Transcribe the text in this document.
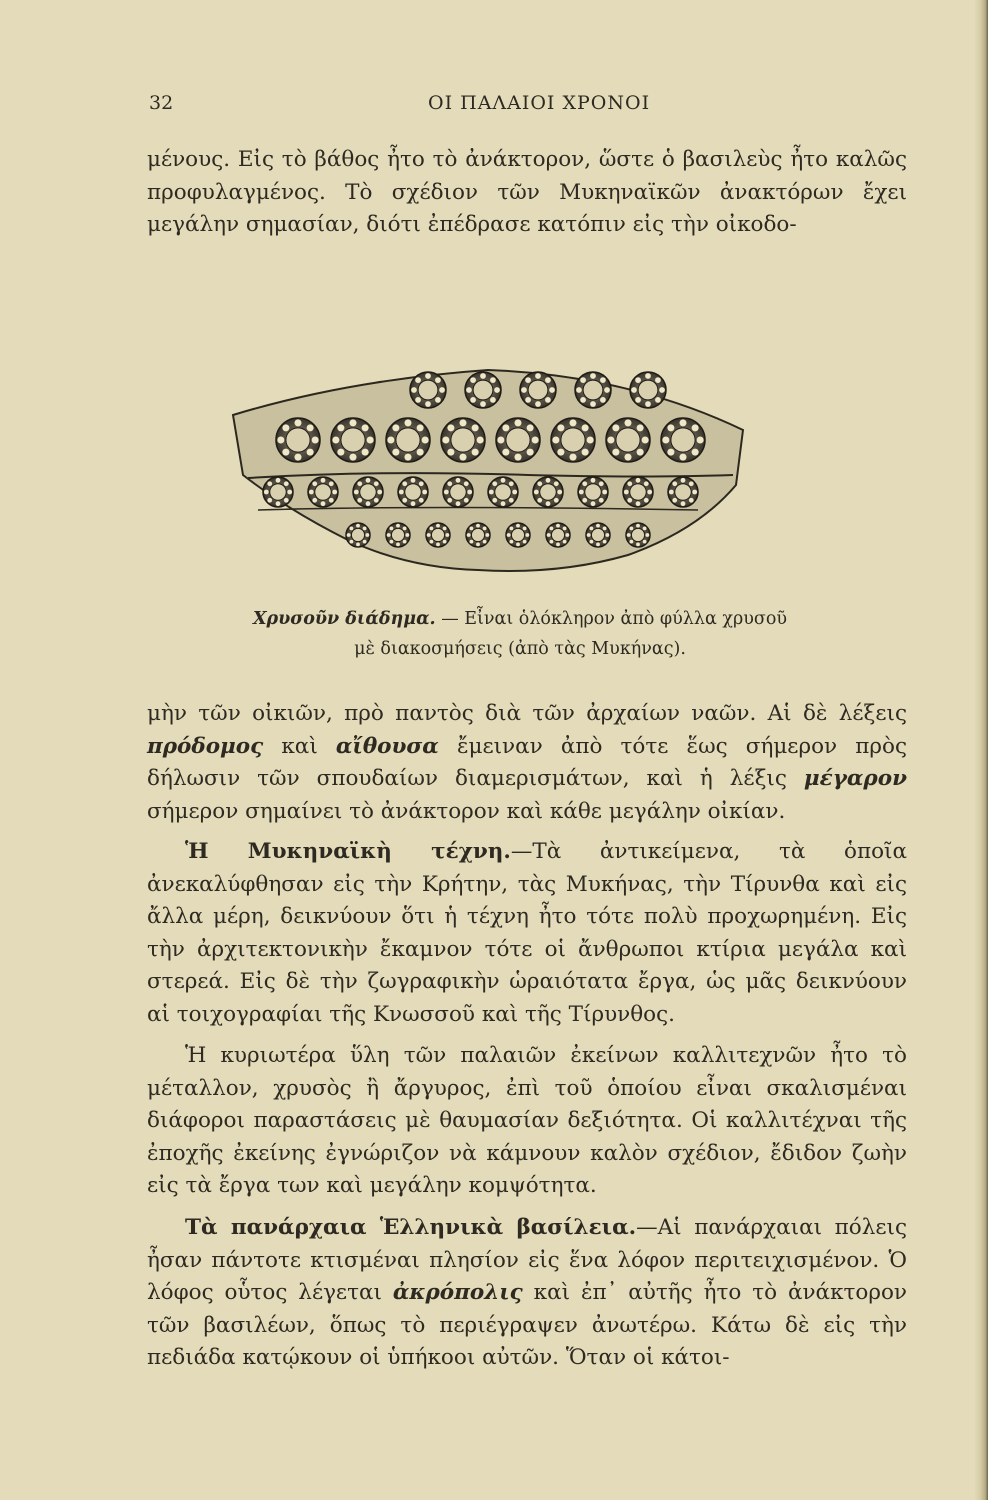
32	ΟΙ ΠΑΛΑΙΟΙ ΧΡΟΝΟΙ

μένους. Εἰς τὸ βάθος ἦτο τὸ ἀνάκτορον, ὥστε ὁ βασιλεὺς ἦτο καλῶς προφυλαγμένος. Τὸ σχέδιον τῶν Μυκηναϊκῶν ἀνακτόρων ἔχει μεγάλην σημασίαν, διότι ἐπέδρασε κατόπιν εἰς τὴν οἰκοδο-

Χρυσοῦν διάδημα. — Εἶναι ὁλόκληρον ἀπὸ φύλλα χρυσοῦ μὲ διακοσμήσεις (ἀπὸ τὰς Μυκήνας).

μὴν τῶν οἰκιῶν, πρὸ παντὸς διὰ τῶν ἀρχαίων ναῶν. Αἱ δὲ λέξεις πρόδομος καὶ αἴθουσα ἔμειναν ἀπὸ τότε ἕως σήμερον πρὸς δήλωσιν τῶν σπουδαίων διαμερισμάτων, καὶ ἡ λέξις μέγαρον σήμερον σημαίνει τὸ ἀνάκτορον καὶ κάθε μεγάλην οἰκίαν.

Ἡ Μυκηναϊκὴ τέχνη.—Τὰ ἀντικείμενα, τὰ ὁποῖα ἀνεκαλύφθησαν εἰς τὴν Κρήτην, τὰς Μυκήνας, τὴν Τίρυνθα καὶ εἰς ἄλλα μέρη, δεικνύουν ὅτι ἡ τέχνη ἦτο τότε πολὺ προχωρημένη. Εἰς τὴν ἀρχιτεκτονικὴν ἔκαμνον τότε οἱ ἄνθρωποι κτίρια μεγάλα καὶ στερεά. Εἰς δὲ τὴν ζωγραφικὴν ὡραιότατα ἔργα, ὡς μᾶς δεικνύουν αἱ τοιχογραφίαι τῆς Κνωσσοῦ καὶ τῆς Τίρυνθος.

Ἡ κυριωτέρα ὕλη τῶν παλαιῶν ἐκείνων καλλιτεχνῶν ἦτο τὸ μέταλλον, χρυσὸς ἢ ἄργυρος, ἐπὶ τοῦ ὁποίου εἶναι σκαλισμέναι διάφοροι παραστάσεις μὲ θαυμασίαν δεξιότητα. Οἱ καλλιτέχναι τῆς ἐποχῆς ἐκείνης ἐγνώριζον νὰ κάμνουν καλὸν σχέδιον, ἔδιδον ζωὴν εἰς τὰ ἔργα των καὶ μεγάλην κομψότητα.

Τὰ πανάρχαια Ἑλληνικὰ βασίλεια.—Αἱ πανάρχαιαι πόλεις ἦσαν πάντοτε κτισμέναι πλησίον εἰς ἕνα λόφον περιτειχισμένον. Ὁ λόφος οὗτος λέγεται ἀκρόπολις καὶ ἐπ᾿ αὐτῆς ἦτο τὸ ἀνάκτορον τῶν βασιλέων, ὅπως τὸ περιέγραψεν ἀνωτέρω. Κάτω δὲ εἰς τὴν πεδιάδα κατῴκουν οἱ ὑπήκοοι αὐτῶν. Ὅταν οἱ κάτοι-
